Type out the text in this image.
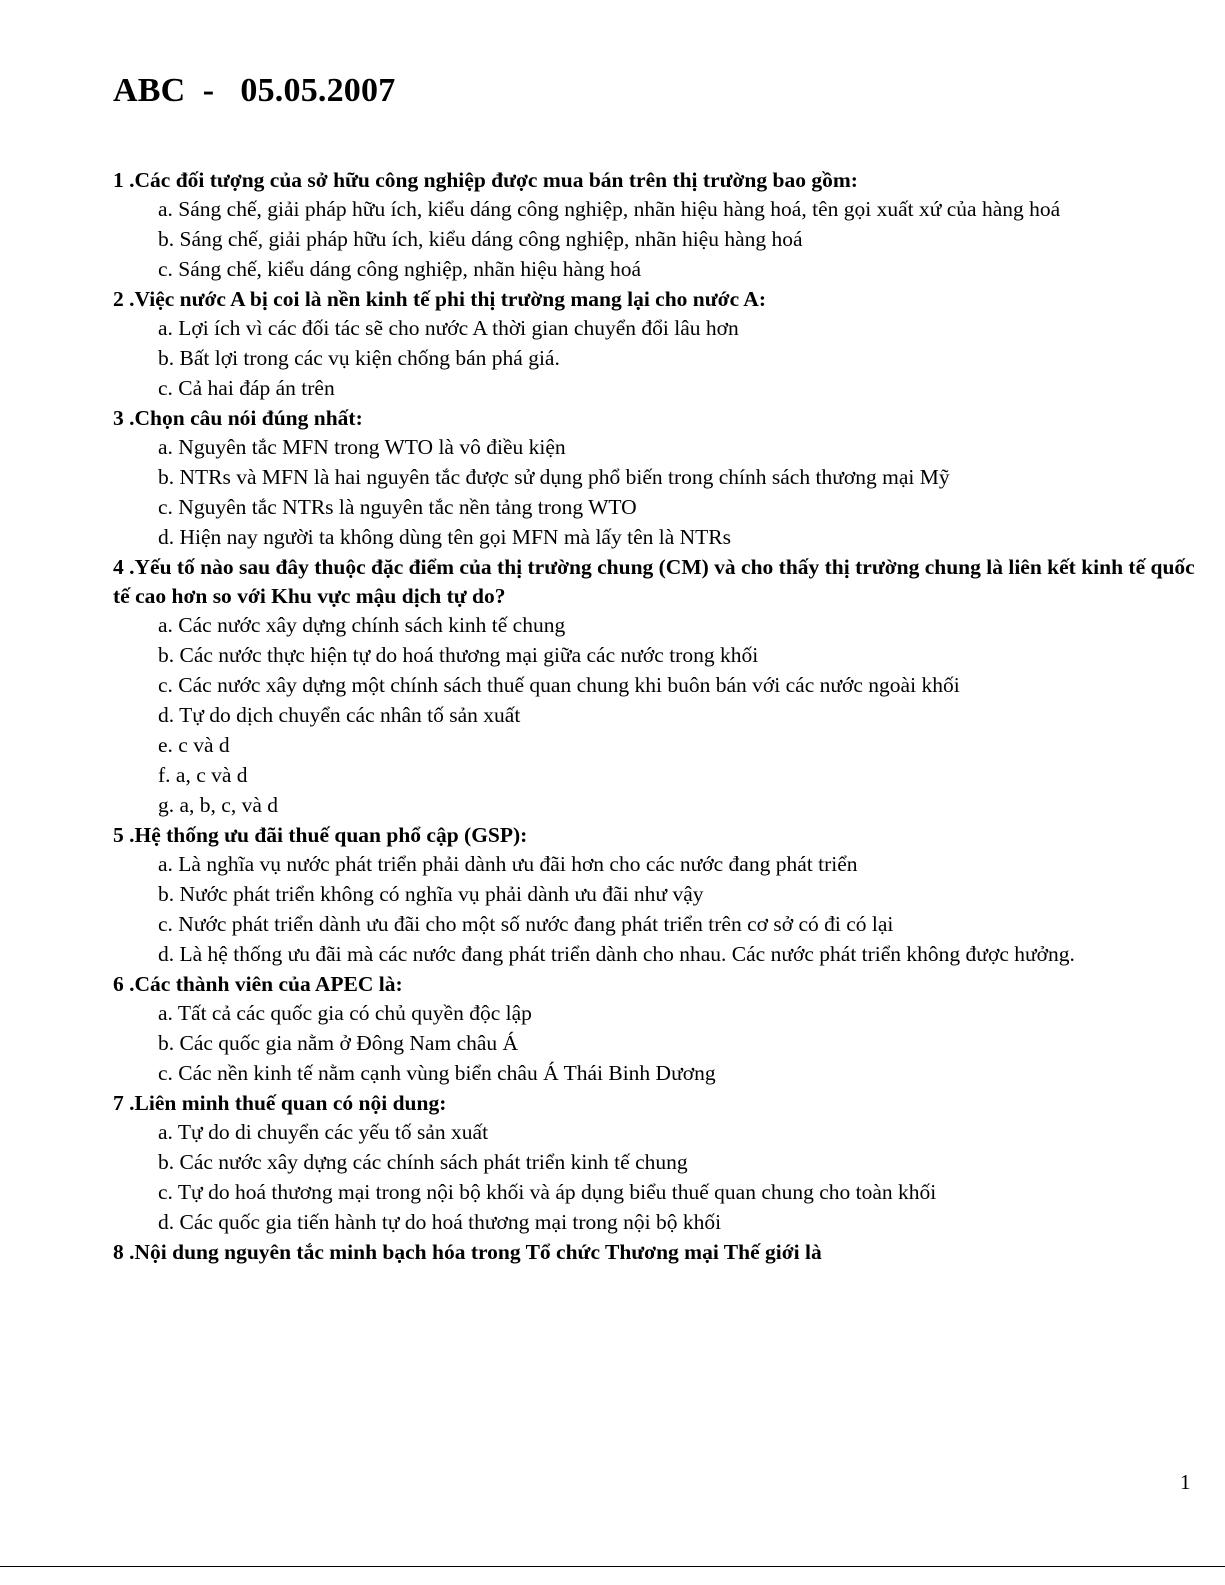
ABC  -   05.05.2007

1 .Các đối tượng của sở hữu công nghiệp được mua bán trên thị trường bao gồm:

a. Sáng chế, giải pháp hữu ích, kiểu dáng công nghiệp, nhãn hiệu hàng hoá, tên gọi xuất xứ của hàng hoá

b. Sáng chế, giải pháp hữu ích, kiểu dáng công nghiệp, nhãn hiệu hàng hoá

c. Sáng chế, kiểu dáng công nghiệp, nhãn hiệu hàng hoá

2 .Việc nước A bị coi là nền kinh tế phi thị trường mang lại cho nước A:

a. Lợi ích vì các đối tác sẽ cho nước A thời gian chuyển đổi lâu hơn

b. Bất lợi trong các vụ kiện chống bán phá giá.

c. Cả hai đáp án trên

3 .Chọn câu nói đúng nhất:

a. Nguyên tắc MFN trong WTO là vô điều kiện

b. NTRs và MFN là hai nguyên tắc được sử dụng phổ biến trong chính sách thương mại Mỹ

c. Nguyên tắc NTRs là nguyên tắc nền tảng trong WTO

d. Hiện nay người ta không dùng tên gọi MFN mà lấy tên là NTRs

4 .Yếu tố nào sau đây thuộc đặc điểm của thị trường chung (CM) và cho thấy thị trường chung là liên kết kinh tế quốc tế cao hơn so với Khu vực mậu dịch tự do?

a. Các nước xây dựng chính sách kinh tế chung

b. Các nước thực hiện tự do hoá thương mại giữa các nước trong khối

c. Các nước xây dựng một chính sách thuế quan chung khi buôn bán với các nước ngoài khối

d. Tự do dịch chuyển các nhân tố sản xuất

e. c và d

f. a, c và d

g. a, b, c, và d

5 .Hệ thống ưu đãi thuế quan phổ cập (GSP):

a. Là nghĩa vụ nước phát triển phải dành ưu đãi hơn cho các nước đang phát triển

b. Nước phát triển không có nghĩa vụ phải dành ưu đãi như vậy

c. Nước phát triển dành ưu đãi cho một số nước đang phát triển trên cơ sở có đi có lại

d. Là hệ thống ưu đãi mà các nước đang phát triển dành cho nhau. Các nước phát triển không được hưởng.

6 .Các thành viên của APEC là:

a. Tất cả các quốc gia có chủ quyền độc lập

b. Các quốc gia nằm ở Đông Nam châu Á

c. Các nền kinh tế nằm cạnh vùng biển châu Á Thái Binh Dương

7 .Liên minh thuế quan có nội dung:

a. Tự do di chuyển các yếu tố sản xuất

b. Các nước xây dựng các chính sách phát triển kinh tế chung

c. Tự do hoá thương mại trong nội bộ khối và áp dụng biểu thuế quan chung cho toàn khối

d. Các quốc gia tiến hành tự do hoá thương mại trong nội bộ khối

8 .Nội dung nguyên tắc minh bạch hóa trong Tổ chức Thương mại Thế giới là

1
